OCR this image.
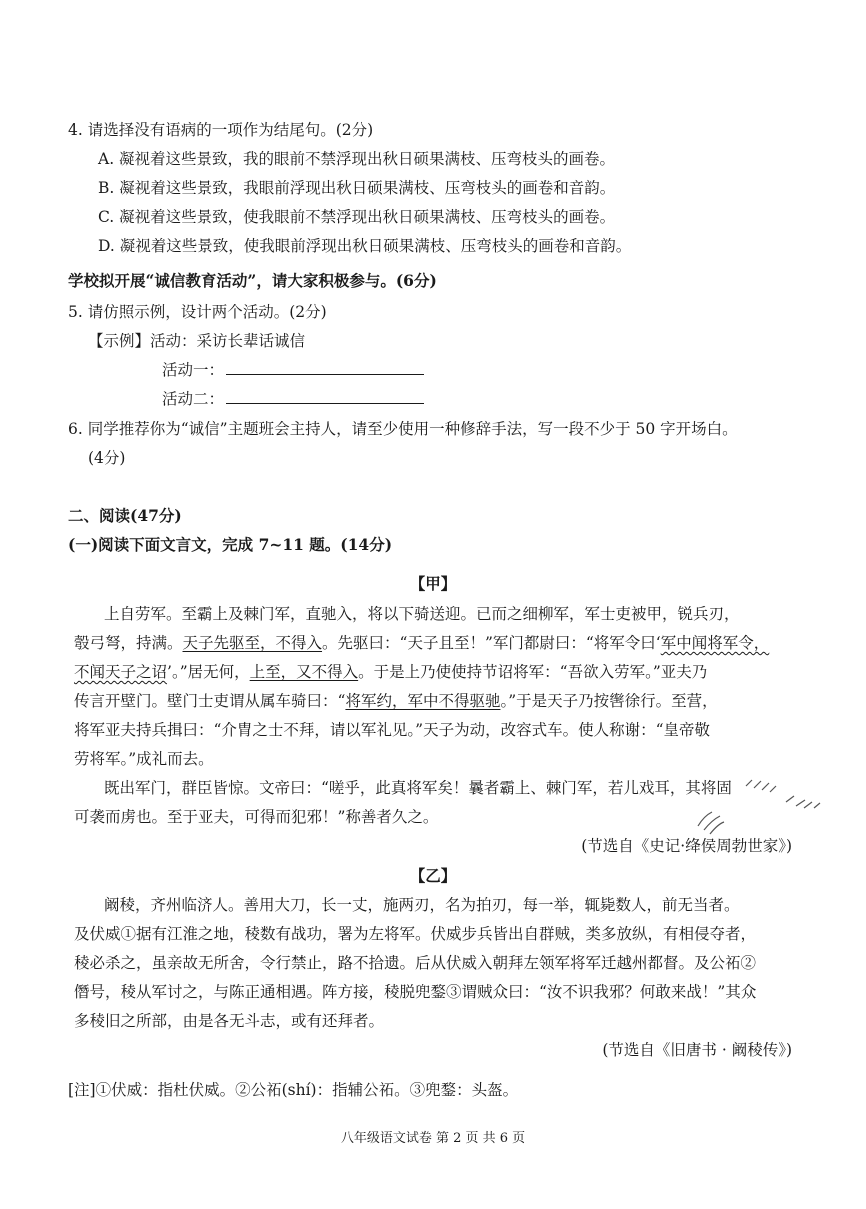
4. 请选择没有语病的一项作为结尾句。(2分)
A. 凝视着这些景致，我的眼前不禁浮现出秋日硕果满枝、压弯枝头的画卷。
B. 凝视着这些景致，我眼前浮现出秋日硕果满枝、压弯枝头的画卷和音韵。
C. 凝视着这些景致，使我眼前不禁浮现出秋日硕果满枝、压弯枝头的画卷。
D. 凝视着这些景致，使我眼前浮现出秋日硕果满枝、压弯枝头的画卷和音韵。
学校拟开展“诚信教育活动”，请大家积极参与。(6分)
5. 请仿照示例，设计两个活动。(2分)
【示例】活动：采访长辈话诚信
活动一：
活动二：
6. 同学推荐你为“诚信”主题班会主持人，请至少使用一种修辞手法，写一段不少于 50 字开场白。
(4分)
二、阅读(47分)
(一)阅读下面文言文，完成 7~11 题。(14分)
【甲】
上自劳军。至霸上及棘门军，直驰入，将以下骑送迎。已而之细柳军，军士吏被甲，锐兵刃，
彀弓弩，持满。天子先驱至，不得入。先驱曰：“天子且至！”军门都尉曰：“将军令曰‘军中闻将军令，
不闻天子之诏’。”居无何，上至，又不得入。于是上乃使使持节诏将军：“吾欲入劳军。”亚夫乃
传言开壁门。壁门士吏谓从属车骑曰：“将军约，军中不得驱驰。”于是天子乃按辔徐行。至营，
将军亚夫持兵揖曰：“介胄之士不拜，请以军礼见。”天子为动，改容式车。使人称谢：“皇帝敬
劳将军。”成礼而去。
既出军门，群臣皆惊。文帝曰：“嗟乎，此真将军矣！曩者霸上、棘门军，若儿戏耳，其将固
可袭而虏也。至于亚夫，可得而犯邪！”称善者久之。
(节选自《史记·绛侯周勃世家》)
【乙】
阚稜，齐州临济人。善用大刀，长一丈，施两刃，名为拍刃，每一举，辄毙数人，前无当者。
及伏威①据有江淮之地，稜数有战功，署为左将军。伏威步兵皆出自群贼，类多放纵，有相侵夺者，
稜必杀之，虽亲故无所舍，令行禁止，路不拾遗。后从伏威入朝拜左领军将军迁越州都督。及公祏②
僭号，稜从军讨之，与陈正通相遇。阵方接，稜脱兜鍪③谓贼众曰：“汝不识我邪？何敢来战！”其众
多稜旧之所部，由是各无斗志，或有还拜者。
(节选自《旧唐书 · 阚稜传》)
[注]①伏威：指杜伏威。②公祏(shí)：指辅公祏。③兜鍪：头盔。
八年级语文试卷 第 2 页 共 6 页
